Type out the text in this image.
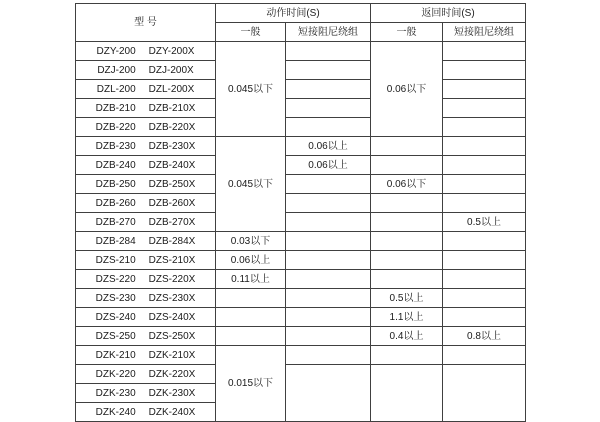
型 号	动作时间(S)		返回时间(S)	
	一般	短接阻尼绕组	一般	短接阻尼绕组

DZY-200 DZY-200X	0.045以下		0.06以下	

DZJ-200 DZJ-200X				

DZL-200 DZL-200X				

DZB-210 DZB-210X				

DZB-220 DZB-220X				

DZB-230 DZB-230X	0.045以下	0.06以上		

DZB-240 DZB-240X		0.06以上		

DZB-250 DZB-250X			0.06以下	

DZB-260 DZB-260X				

DZB-270 DZB-270X				0.5以上

DZB-284 DZB-284X	0.03以下			

DZS-210 DZS-210X	0.06以上			

DZS-220 DZS-220X	0.11以上			

DZS-230 DZS-230X			0.5以上	

DZS-240 DZS-240X			1.1以上	

DZS-250 DZS-250X			0.4以上	0.8以上

DZK-210 DZK-210X	0.015以下			

DZK-220 DZK-220X				

DZK-230 DZK-230X				

DZK-240 DZK-240X				
